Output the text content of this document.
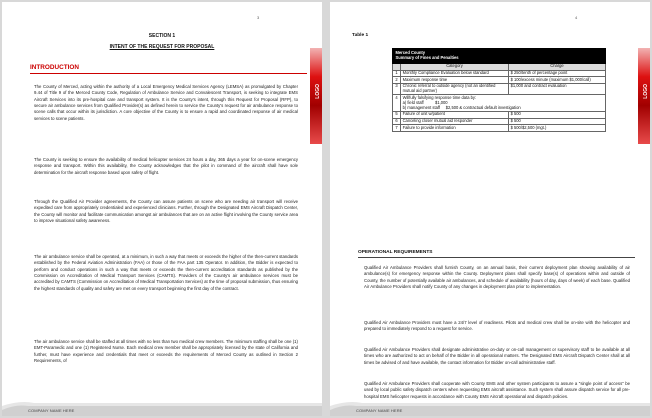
3
LOGO
SECTION 1
INTENT OF THE REQUEST FOR PROPOSAL
INTRODUCTION

The County of Merced, acting within the authority of a Local Emergency Medical Services Agency (LEMSA) as promulgated by Chapter 9.44 of Title 9 of the Merced County Code, Regulation of Ambulance Service and Convalescent Transport, is seeking to integrate EMS Aircraft Services into its pre-hospital care and transport system. It is the County's intent, through this Request for Proposal (RFP), to secure air ambulance services from Qualified Provider(s) as defined herein to service the County's request for air ambulance response to scene calls that occur within its jurisdiction. A core objective of the County is to ensure a rapid and coordinated response of air medical services to scene patients.

The County is seeking to ensure the availability of medical helicopter services 24 hours a day, 365 days a year for on-scene emergency response and transport. Within this availability, the County acknowledges that the pilot in command of the aircraft shall have sole determination for the aircraft response based upon safety of flight.

Through the Qualified Air Provider agreements, the County can assure patients on scene who are needing air transport will receive expedited care from appropriately credentialed and experienced clinicians. Further, through the Designated EMS Aircraft Dispatch Center, the County will monitor and facilitate communication amongst air ambulances that are on an active flight involving the County service area to improve situational safety awareness.

The air ambulance service shall be operated, at a minimum, in such a way that meets or exceeds the higher of the then-current standards established by the Federal Aviation Administration (FAA) or those of the FAA part 135 Operator. In addition, the Bidder is expected to perform and conduct operations in such a way that meets or exceeds the then-current accreditation standards as published by the Commission on Accreditation of Medical Transport Services (CAMTS). Providers of the County's air ambulance services must be accredited by CAMTS (Commission on Accreditation of Medical Transportation Services) at the time of proposal submission, thus ensuring the highest standards of quality and safety are met on every transport beginning the first day of the contract.

The air ambulance service shall be staffed at all times with no less than two medical crew members. The minimum staffing shall be one (1) EMT-Paramedic and one (1) Registered Nurse. Each medical crew member shall be appropriately licensed by the state of California and further, must have experience and credentials that meet or exceeds the requirements of Merced County as outlined in Section 2 Requirements, of

COMPANY NAME HERE
4
LOGO
Table 1
Merced County
Summary of Fines and Penalties		

	Category	Charge
1	Monthly Compliance Evaluation below standard	$ 250/tenth of percentage point
2	Maximum response time	$ 100/excess minute (maximum $1,000/call)
3	Chronic referral to outside agency (not an identified mutual aid partner)	$1,000 and contract evaluation
4	Willfully falsifying response time data by:
a) field staff          $1,000
b) management staff     $2,500 & contractual default investigation	

5	Failure of unit w/patient	$ 500
6	Canceling closer mutual aid responder	$ 500
7	Failure to provide information	$ 500/$2,500 (mgt.)
OPERATIONAL REQUIREMENTS

Qualified Air Ambulance Providers shall furnish County, on an annual basis, their current deployment plan showing availability of air ambulance(s) for emergency response within the County. Deployment plans shall specify base(s) of operations within and outside of County, the number of potentially available air ambulances, and schedule of availability (hours of day, days of week) of each base. Qualified Air Ambulance Providers shall notify County of any changes in deployment plan prior to implementation.

Qualified Air Ambulance Providers must have a 24/7 level of readiness. Pilots and medical crew shall be on-site with the helicopter and prepared to immediately respond to a request for service.

Qualified Air Ambulance Providers shall designate administrative on-duty or on-call management or supervisory staff to be available at all times who are authorized to act on behalf of the Bidder in all operational matters. The Designated EMS Aircraft Dispatch Center shall at all times be advised of and have available, the contact information for Bidder on-call administrative staff.

Qualified Air Ambulance Providers shall cooperate with County EMS and other system participants to assure a "single point of access" be used by local public safety dispatch centers when requesting EMS aircraft assistance. Such system shall assure dispatch service for all pre-hospital EMS helicopter requests in accordance with County EMS Aircraft operational and dispatch policies.

COMPANY NAME HERE
